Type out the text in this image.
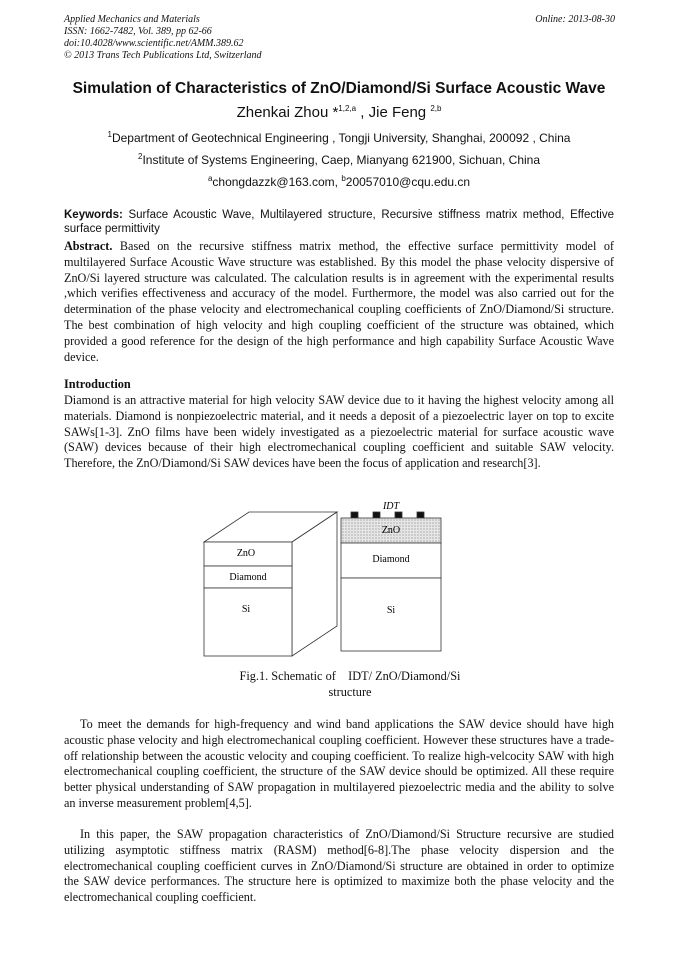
Applied Mechanics and Materials
ISSN: 1662-7482, Vol. 389, pp 62-66
doi:10.4028/www.scientific.net/AMM.389.62
© 2013 Trans Tech Publications Ltd, Switzerland
Online: 2013-08-30
Simulation of Characteristics of ZnO/Diamond/Si Surface Acoustic Wave
Zhenkai Zhou *$^{1,2,a}$ , Jie Feng $^{2,b}$
$^1$Department of Geotechnical Engineering , Tongji University, Shanghai, 200092 , China
$^2$Institute of Systems Engineering, Caep, Mianyang 621900, Sichuan, China
$^a$chongdazzk@163.com, $^b$20057010@cqu.edu.cn
Keywords: Surface Acoustic Wave, Multilayered structure, Recursive stiffness matrix method, Effective surface permittivity
Abstract. Based on the recursive stiffness matrix method, the effective surface permittivity model of multilayered Surface Acoustic Wave structure was established. By this model the phase velocity dispersive of ZnO/Si layered structure was calculated. The calculation results is in agreement with the experimental results ,which verifies effectiveness and accuracy of the model. Furthermore, the model was also carried out for the determination of the phase velocity and electromechanical coupling coefficients of ZnO/Diamond/Si structure. The best combination of high velocity and high coupling coefficient of the structure was obtained, which provided a good reference for the design of the high performance and high capability Surface Acoustic Wave device.
Introduction
Diamond is an attractive material for high velocity SAW device due to it having the highest velocity among all materials. Diamond is nonpiezoelectric material, and it needs a deposit of a piezoelectric layer on top to excite SAWs[1-3]. ZnO films have been widely investigated as a piezoelectric material for surface acoustic wave (SAW) devices because of their high electromechanical coupling coefficient and suitable SAW velocity. Therefore, the ZnO/Diamond/Si SAW devices have been the focus of application and research[3].
ZnO
Diamond
Si
IDT
ZnO
Diamond
Si
Fig.1. Schematic of    IDT/ ZnO/Diamond/Si
structure
To meet the demands for high-frequency and wind band applications the SAW device should have high acoustic phase velocity and high electromechanical coupling coefficient. However these structures have a trade-off relationship between the acoustic velocity and couping coefficient. To realize high-velcocity SAW with high electromechanical coupling coefficient, the structure of the SAW device should be optimized. All these require better physical understanding of SAW propagation in multilayered piezoelectric media and the ability to solve an inverse measurement problem[4,5].
In this paper, the SAW propagation characteristics of ZnO/Diamond/Si Structure recursive are studied utilizing asymptotic stiffness matrix (RASM) method[6-8].The phase velocity dispersion and the electromechanical coupling coefficient curves in ZnO/Diamond/Si structure are obtained in order to optimize the SAW device performances. The structure here is optimized to maximize both the phase velocity and the electromechanical coupling coefficient.
